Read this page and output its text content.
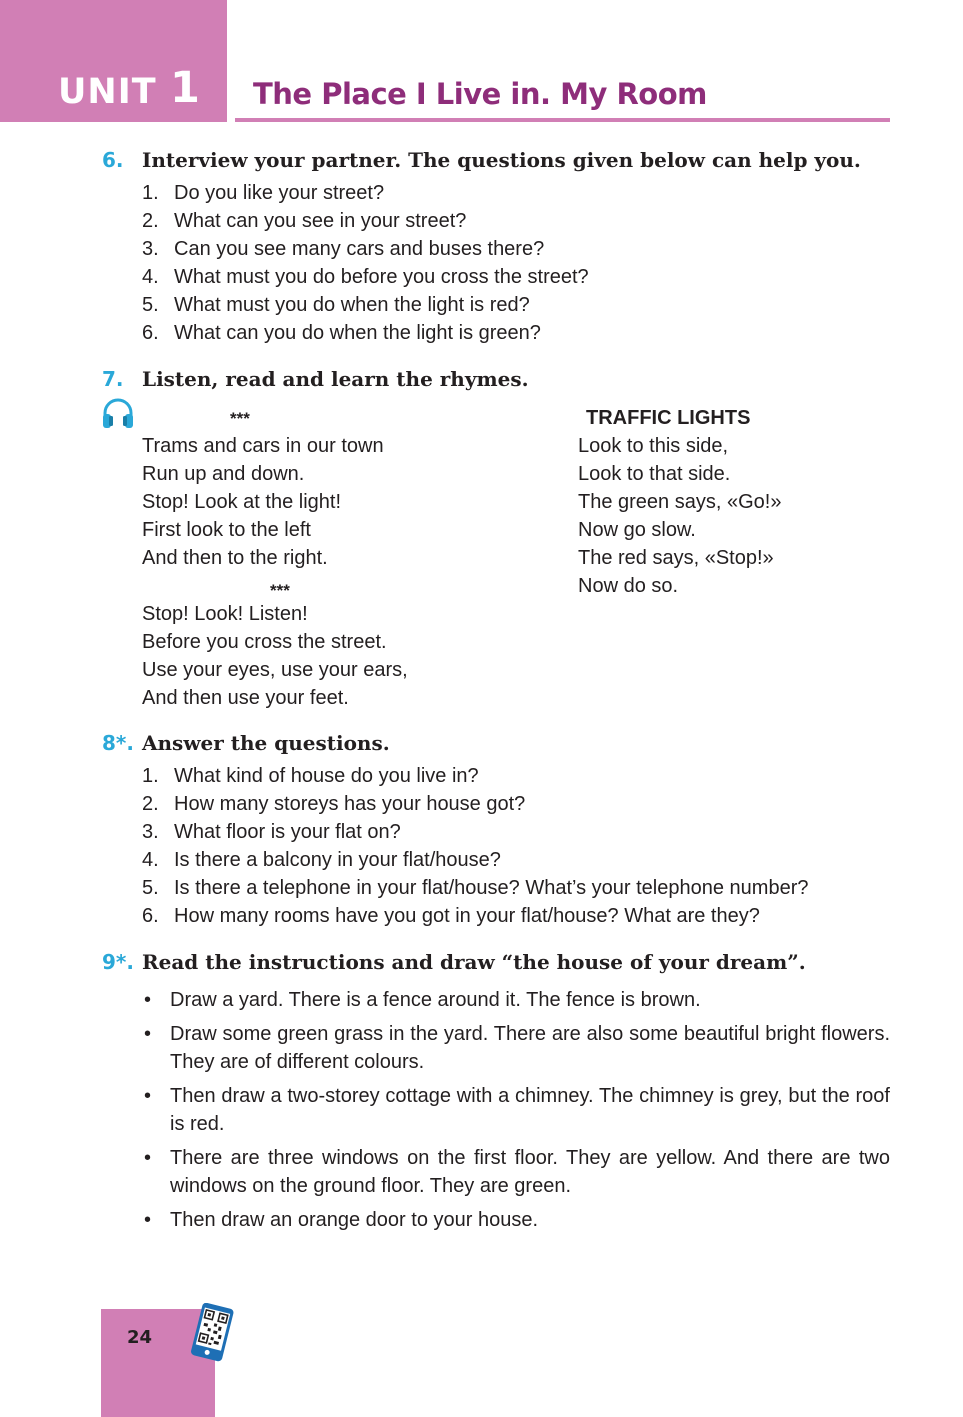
UNIT 1 The Place I Live in. My Room
6. Interview your partner. The questions given below can help you.
1. Do you like your street?
2. What can you see in your street?
3. Can you see many cars and buses there?
4. What must you do before you cross the street?
5. What must you do when the light is red?
6. What can you do when the light is green?
7. Listen, read and learn the rhymes.
***
Trams and cars in our town
Run up and down.
Stop! Look at the light!
First look to the left
And then to the right.
***
Stop! Look! Listen!
Before you cross the street.
Use your eyes, use your ears,
And then use your feet.
TRAFFIC LIGHTS
Look to this side,
Look to that side.
The green says, «Go!»
Now go slow.
The red says, «Stop!»
Now do so.
8*. Answer the questions.
1. What kind of house do you live in?
2. How many storeys has your house got?
3. What floor is your flat on?
4. Is there a balcony in your flat/house?
5. Is there a telephone in your flat/house? What’s your telephone number?
6. How many rooms have you got in your flat/house? What are they?
9*. Read the instructions and draw “the house of your dream”.
• Draw a yard. There is a fence around it. The fence is brown.
• Draw some green grass in the yard. There are also some beautiful bright flowers. They are of different colours.
• Then draw a two-storey cottage with a chimney. The chimney is grey, but the roof is red.
• There are three windows on the first floor. They are yellow. And there are two windows on the ground floor. They are green.
• Then draw an orange door to your house.
24
